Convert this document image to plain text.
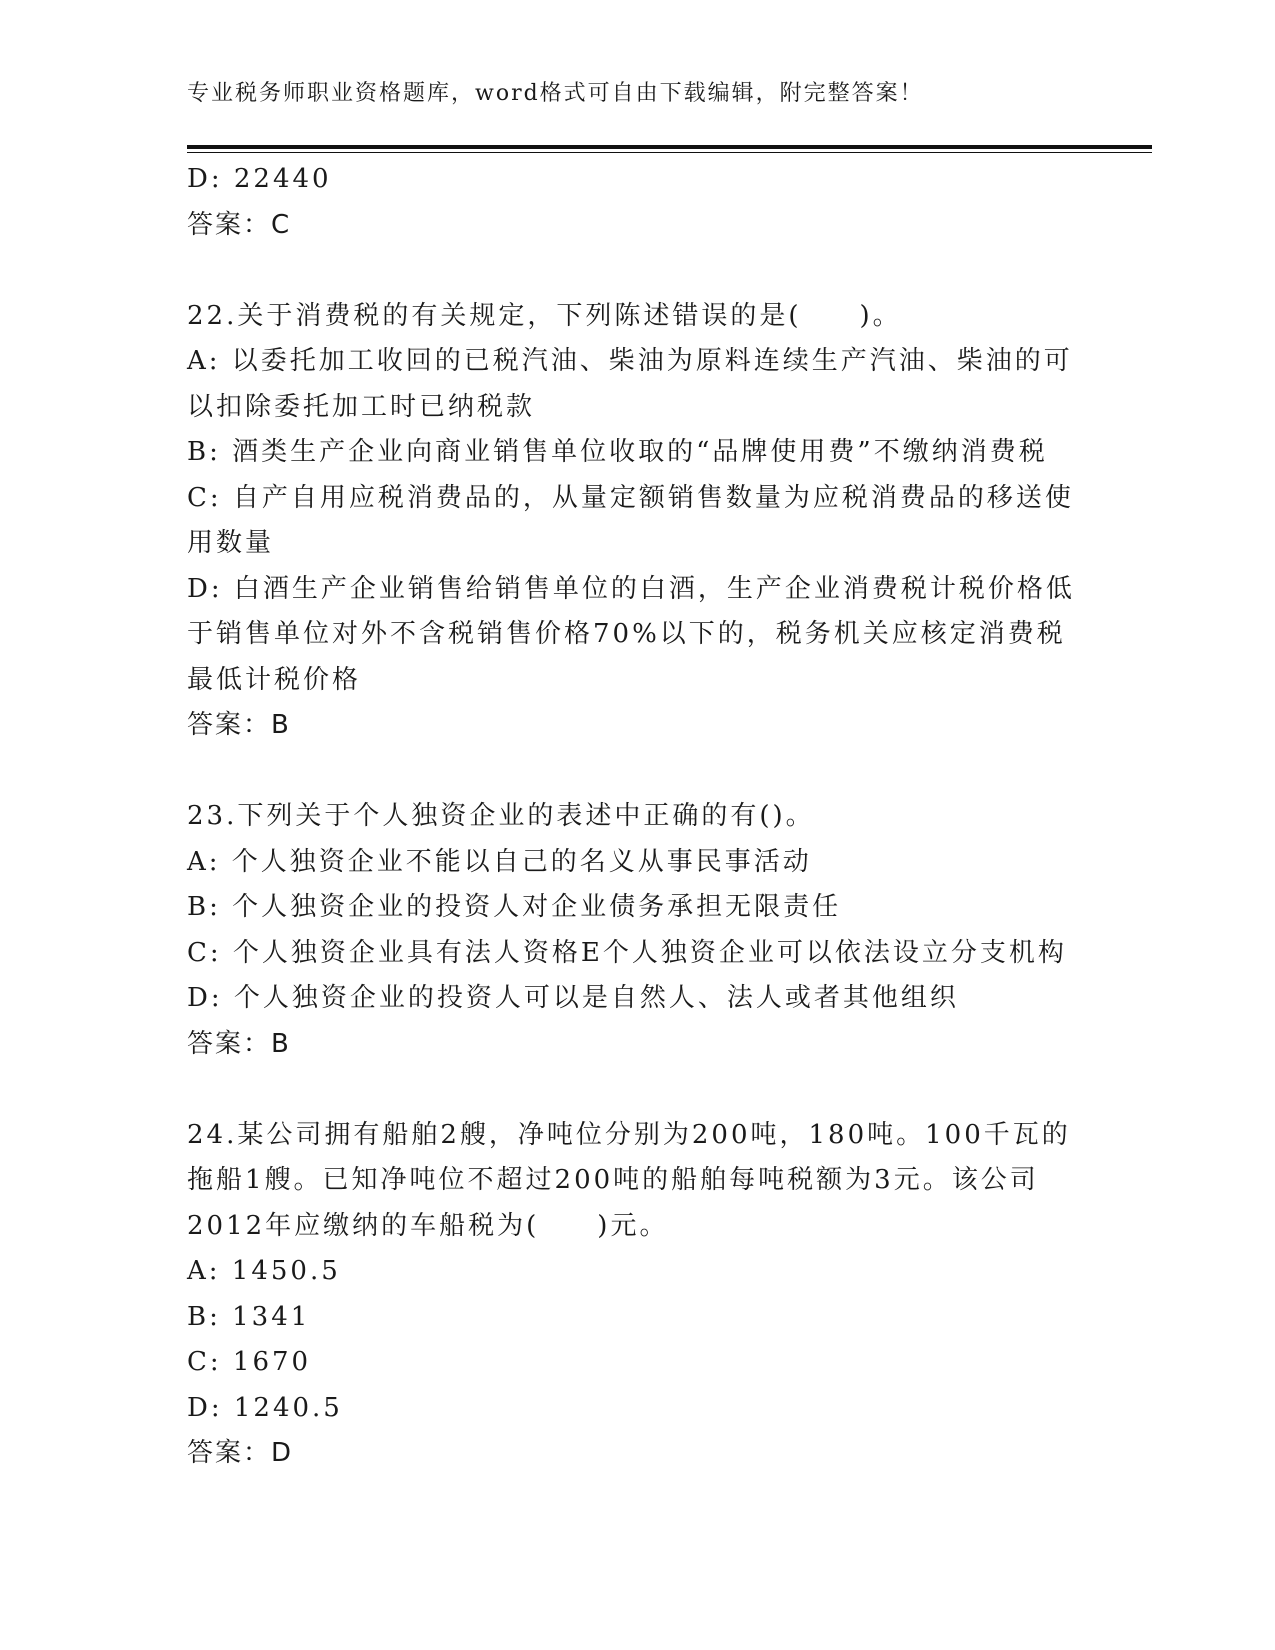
专业税务师职业资格题库，word格式可自由下载编辑，附完整答案！
D: 22440
答案：C
22.关于消费税的有关规定，下列陈述错误的是(　　)。
A: 以委托加工收回的已税汽油、柴油为原料连续生产汽油、柴油的可
以扣除委托加工时已纳税款
B: 酒类生产企业向商业销售单位收取的“品牌使用费”不缴纳消费税
C: 自产自用应税消费品的，从量定额销售数量为应税消费品的移送使
用数量
D: 白酒生产企业销售给销售单位的白酒，生产企业消费税计税价格低
于销售单位对外不含税销售价格70%以下的，税务机关应核定消费税
最低计税价格
答案：B
23.下列关于个人独资企业的表述中正确的有()。
A: 个人独资企业不能以自己的名义从事民事活动
B: 个人独资企业的投资人对企业债务承担无限责任
C: 个人独资企业具有法人资格E个人独资企业可以依法设立分支机构
D: 个人独资企业的投资人可以是自然人、法人或者其他组织
答案：B
24.某公司拥有船舶2艘，净吨位分别为200吨，180吨。100千瓦的
拖船1艘。已知净吨位不超过200吨的船舶每吨税额为3元。该公司
2012年应缴纳的车船税为(　　)元。
A: 1450.5
B: 1341
C: 1670
D: 1240.5
答案：D
